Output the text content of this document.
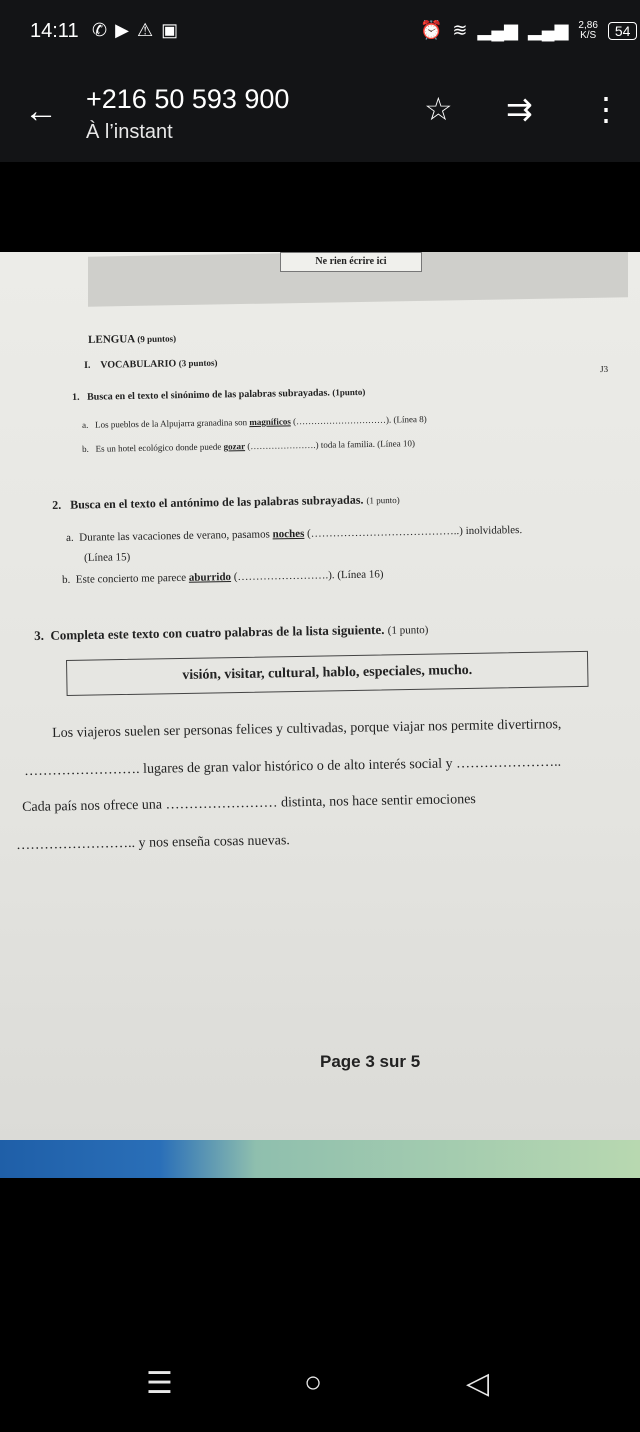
14:11 ✆▶⚠▣	⏰ ≋ ▂▄▆ ▂▄▆ 2,86
K/S	54
← +216 50 593 900
À l’instant
☆ ⇉ ⋮
Ne rien écrire ici
J3
LENGUA (9 puntos)
I. VOCABULARIO (3 puntos)
1. Busca en el texto el sinónimo de las palabras subrayadas. (1punto)
a. Los pueblos de la Alpujarra granadina son magníficos (…………………………). (Línea 8)
b. Es un hotel ecológico donde puede gozar (………………….) toda la familia. (Línea 10)
2. Busca en el texto el antónimo de las palabras subrayadas. (1 punto)
a. Durante las vacaciones de verano, pasamos noches (…………………………………..) inolvidables.
(Línea 15)
b. Este concierto me parece aburrido (…………………….). (Línea 16)
3. Completa este texto con cuatro palabras de la lista siguiente. (1 punto)
visión, visitar, cultural, hablo, especiales, mucho.
Los viajeros suelen ser personas felices y cultivadas, porque viajar nos permite divertirnos,
……………………. lugares de gran valor histórico o de alto interés social y …………………..
Cada país nos ofrece una …………………… distinta, nos hace sentir emociones
…………………….. y nos enseña cosas nuevas.
Page 3 sur 5
☰	○	◁
